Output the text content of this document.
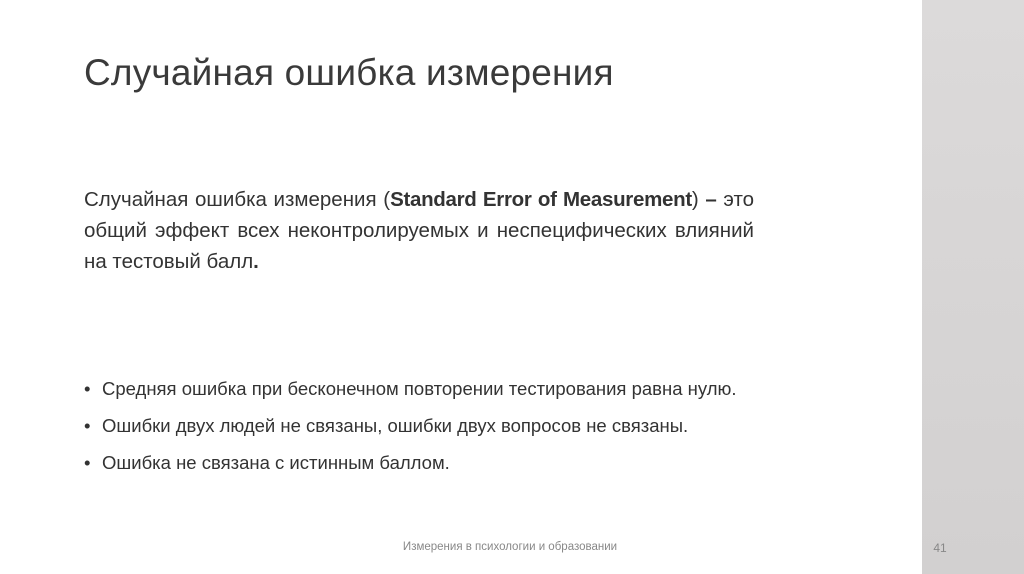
Случайная ошибка измерения

Случайная ошибка измерения (Standard Error of Measurement) – это общий эффект всех неконтролируемых и неспецифических влияний на тестовый балл.

• Средняя ошибка при бесконечном повторении тестирования равна нулю.
• Ошибки двух людей не связаны, ошибки двух вопросов не связаны.
• Ошибка не связана с истинным баллом.
Измерения в психологии и образовании	41
